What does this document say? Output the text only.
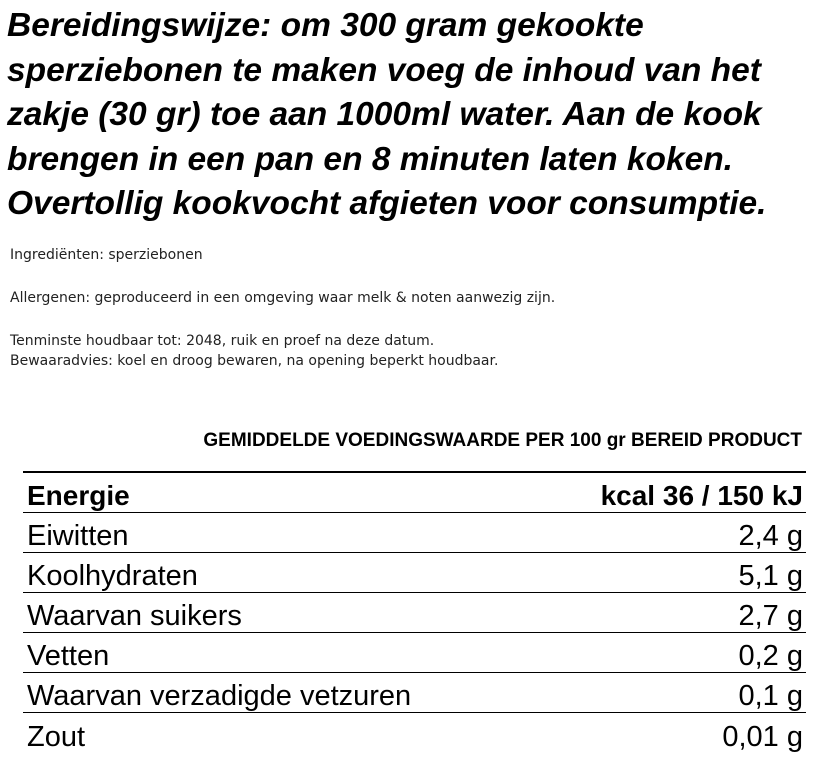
Bereidingswijze: om 300 gram gekookte
sperziebonen te maken voeg de inhoud van het
zakje (30 gr) toe aan 1000ml water. Aan de kook
brengen in een pan en 8 minuten laten koken.
Overtollig kookvocht afgieten voor consumptie.
Ingrediënten: sperziebonen
Allergenen: geproduceerd in een omgeving waar melk & noten aanwezig zijn.
Tenminste houdbaar tot: 2048, ruik en proef na deze datum.
Bewaaradvies: koel en droog bewaren, na opening beperkt houdbaar.
GEMIDDELDE VOEDINGSWAARDE PER 100 gr BEREID PRODUCT
Energie	kcal 36 / 150 kJ
Eiwitten	2,4 g
Koolhydraten	5,1 g
Waarvan suikers	2,7 g
Vetten	0,2 g
Waarvan verzadigde vetzuren	0,1 g
Zout	0,01 g
